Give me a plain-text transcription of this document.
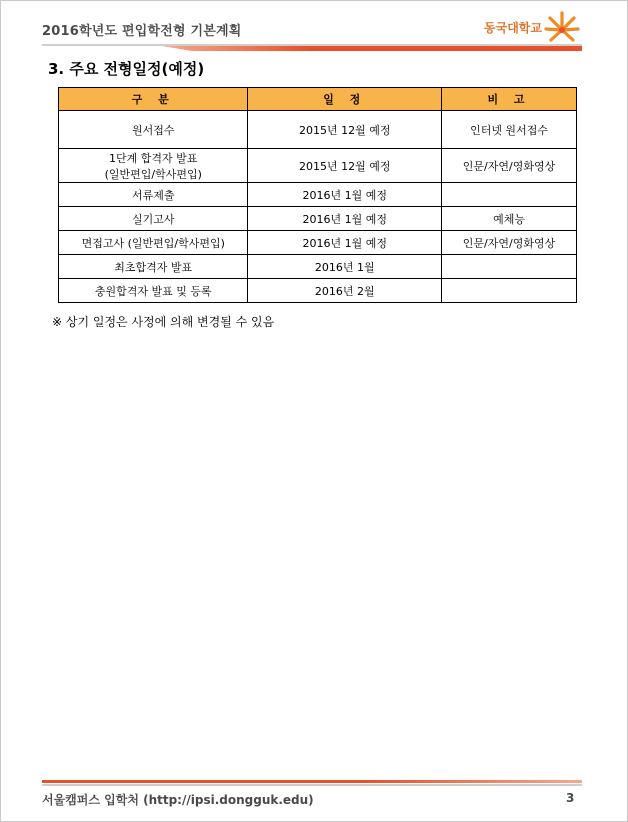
2016학년도 편입학전형 기본계획	동국대학교
3. 주요 전형일정(예정)
구 분	일 정	비 고

원서접수	2015년 12월 예정	인터넷 원서접수

1단계 합격자 발표
(일반편입/학사편입)	2015년 12월 예정	인문/자연/영화영상

서류제출	2016년 1월 예정	

실기고사	2016년 1월 예정	예체능

면접고사 (일반편입/학사편입)	2016년 1월 예정	인문/자연/영화영상

최초합격자 발표	2016년 1월	

충원합격자 발표 및 등록	2016년 2월	
※ 상기 일정은 사정에 의해 변경될 수 있음
서울캠퍼스 입학처 (http://ipsi.dongguk.edu)	3
